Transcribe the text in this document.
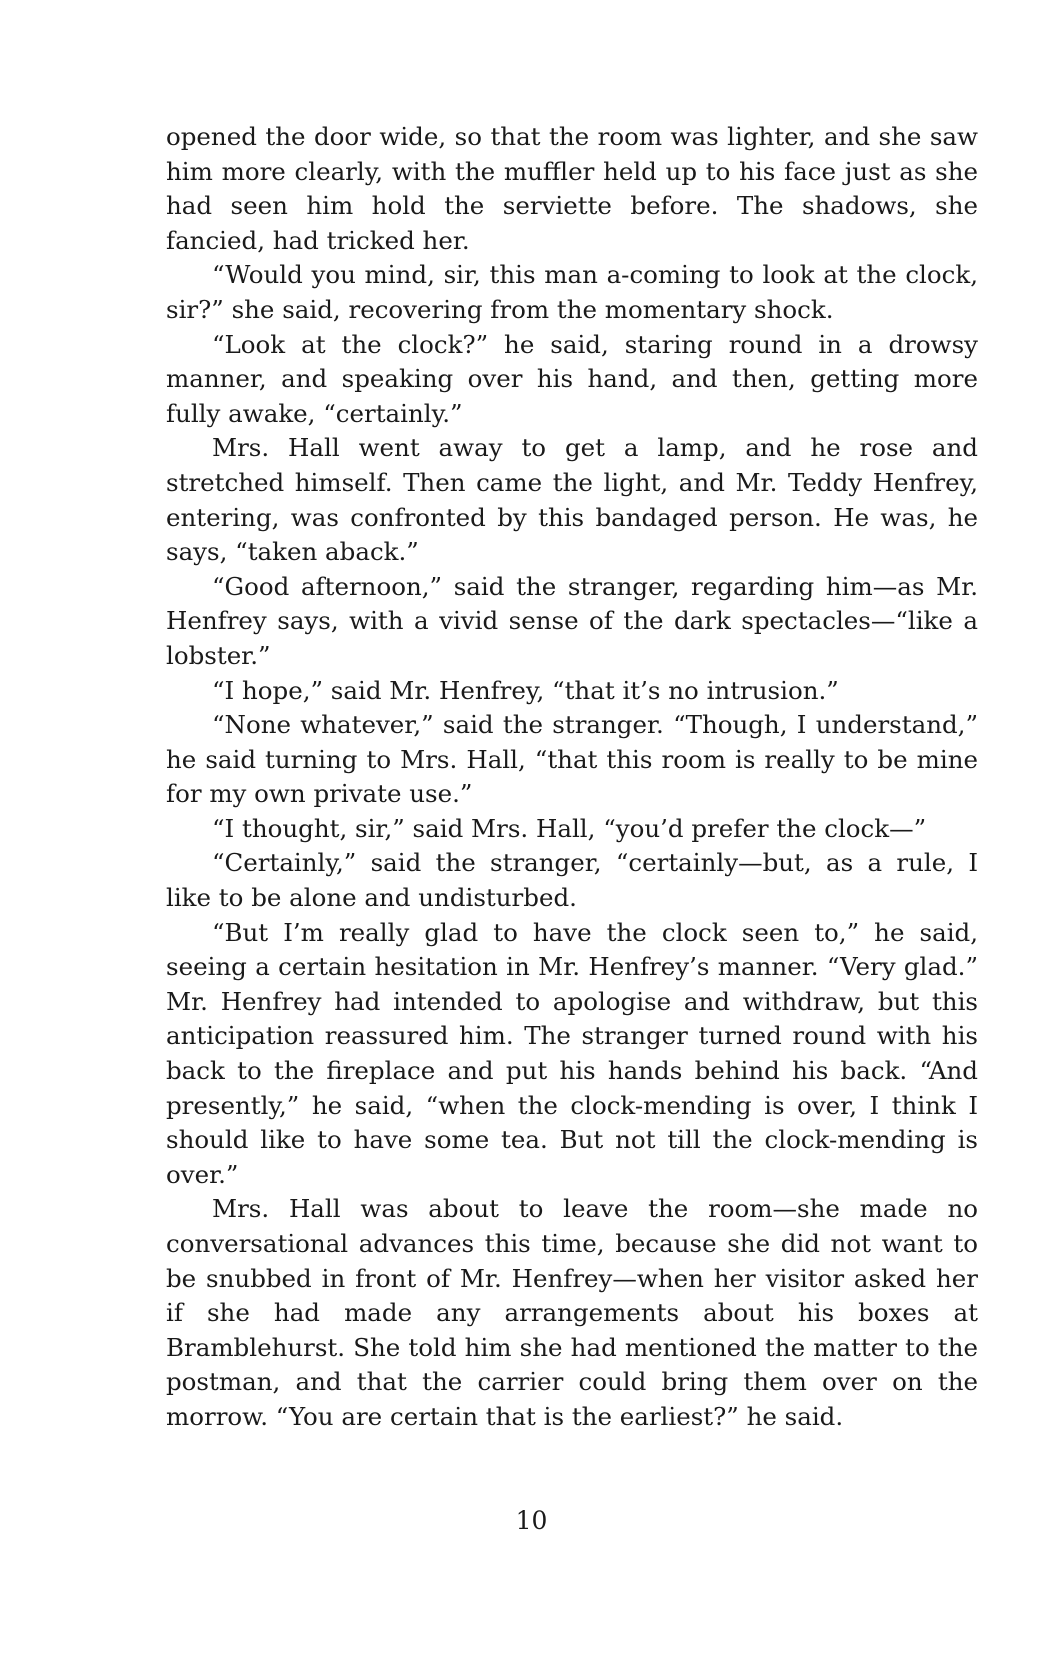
opened the door wide, so that the room was lighter, and she saw him more clearly, with the muffler held up to his face just as she had seen him hold the serviette before. The shadows, she fancied, had tricked her.

“Would you mind, sir, this man a-coming to look at the clock, sir?” she said, recovering from the momentary shock.

“Look at the clock?” he said, staring round in a drowsy manner, and speaking over his hand, and then, getting more fully awake, “certainly.”

Mrs. Hall went away to get a lamp, and he rose and stretched himself. Then came the light, and Mr. Teddy Henfrey, entering, was confronted by this bandaged person. He was, he says, “taken aback.”

“Good afternoon,” said the stranger, regarding him—as Mr. Henfrey says, with a vivid sense of the dark spectacles—“like a lobster.”

“I hope,” said Mr. Henfrey, “that it’s no intrusion.”

“None whatever,” said the stranger. “Though, I understand,” he said turning to Mrs. Hall, “that this room is really to be mine for my own private use.”

“I thought, sir,” said Mrs. Hall, “you’d prefer the clock—”

“Certainly,” said the stranger, “certainly—but, as a rule, I like to be alone and undisturbed.

“But I’m really glad to have the clock seen to,” he said, seeing a certain hesitation in Mr. Henfrey’s manner. “Very glad.” Mr. Henfrey had intended to apologise and withdraw, but this anticipation reassured him. The stranger turned round with his back to the fireplace and put his hands behind his back. “And presently,” he said, “when the clock-mending is over, I think I should like to have some tea. But not till the clock-mending is over.”

Mrs. Hall was about to leave the room—she made no conversational advances this time, because she did not want to be snubbed in front of Mr. Henfrey—when her visitor asked her if she had made any arrangements about his boxes at Bramblehurst. She told him she had mentioned the matter to the postman, and that the carrier could bring them over on the morrow. “You are certain that is the earliest?” he said.

10
